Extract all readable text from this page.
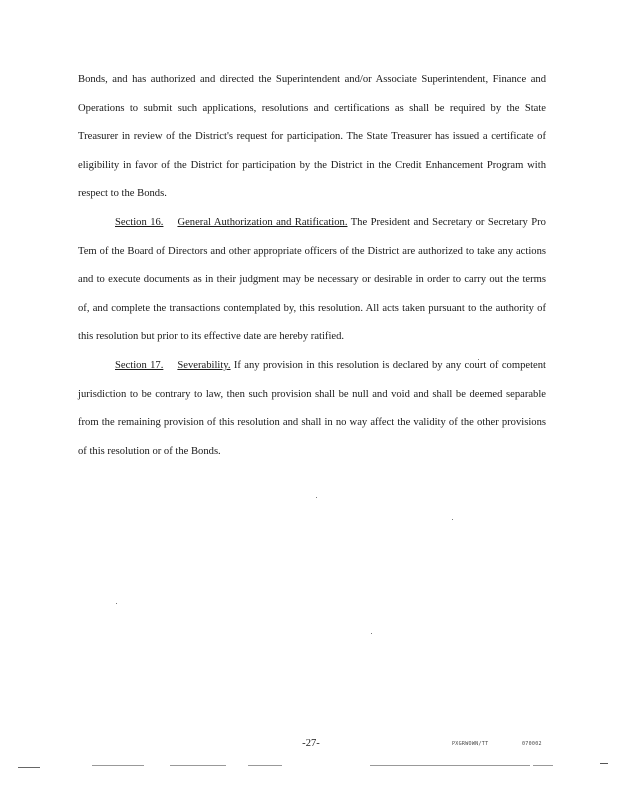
Bonds, and has authorized and directed the Superintendent and/or Associate Superintendent, Finance and Operations to submit such applications, resolutions and certifications as shall be required by the State Treasurer in review of the District's request for participation. The State Treasurer has issued a certificate of eligibility in favor of the District for participation by the District in the Credit Enhancement Program with respect to the Bonds.

Section 16. General Authorization and Ratification. The President and Secretary or Secretary Pro Tem of the Board of Directors and other appropriate officers of the District are authorized to take any actions and to execute documents as in their judgment may be necessary or desirable in order to carry out the terms of, and complete the transactions contemplated by, this resolution. All acts taken pursuant to the authority of this resolution but prior to its effective date are hereby ratified.

Section 17. Severability. If any provision in this resolution is declared by any court of competent jurisdiction to be contrary to law, then such provision shall be null and void and shall be deemed separable from the remaining provision of this resolution and shall in no way affect the validity of the other provisions of this resolution or of the Bonds.

-27-	PXGRWOWN/TT	070002
